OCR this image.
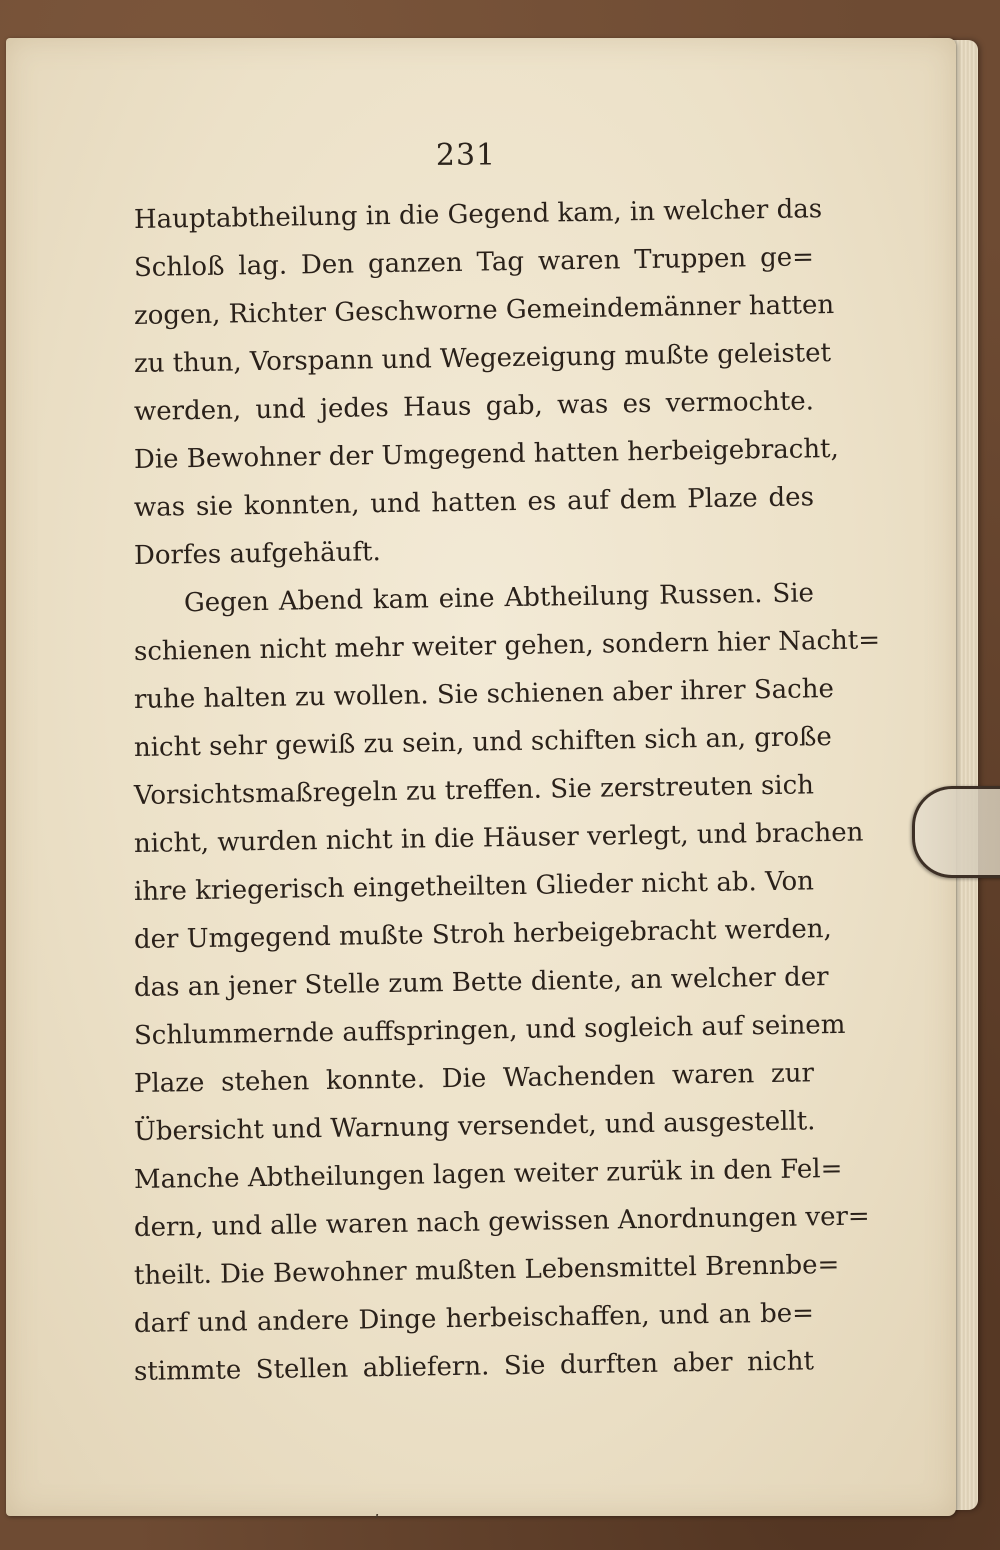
231
Hauptabtheilung in die Gegend kam, in welcher das
Schloß lag. Den ganzen Tag waren Truppen ge=
zogen, Richter Geschworne Gemeindemänner hatten
zu thun, Vorspann und Wegezeigung mußte geleistet
werden, und jedes Haus gab, was es vermochte.
Die Bewohner der Umgegend hatten herbeigebracht,
was sie konnten, und hatten es auf dem Plaze des
Dorfes aufgehäuft.
Gegen Abend kam eine Abtheilung Russen. Sie
schienen nicht mehr weiter gehen, sondern hier Nacht=
ruhe halten zu wollen. Sie schienen aber ihrer Sache
nicht sehr gewiß zu sein, und schiften sich an, große
Vorsichtsmaßregeln zu treffen. Sie zerstreuten sich
nicht, wurden nicht in die Häuser verlegt, und brachen
ihre kriegerisch eingetheilten Glieder nicht ab. Von
der Umgegend mußte Stroh herbeigebracht werden,
das an jener Stelle zum Bette diente, an welcher der
Schlummernde auffspringen, und sogleich auf seinem
Plaze stehen konnte. Die Wachenden waren zur
Übersicht und Warnung versendet, und ausgestellt.
Manche Abtheilungen lagen weiter zurük in den Fel=
dern, und alle waren nach gewissen Anordnungen ver=
theilt. Die Bewohner mußten Lebensmittel Brennbe=
darf und andere Dinge herbeischaffen, und an be=
stimmte Stellen abliefern. Sie durften aber nicht
‚
